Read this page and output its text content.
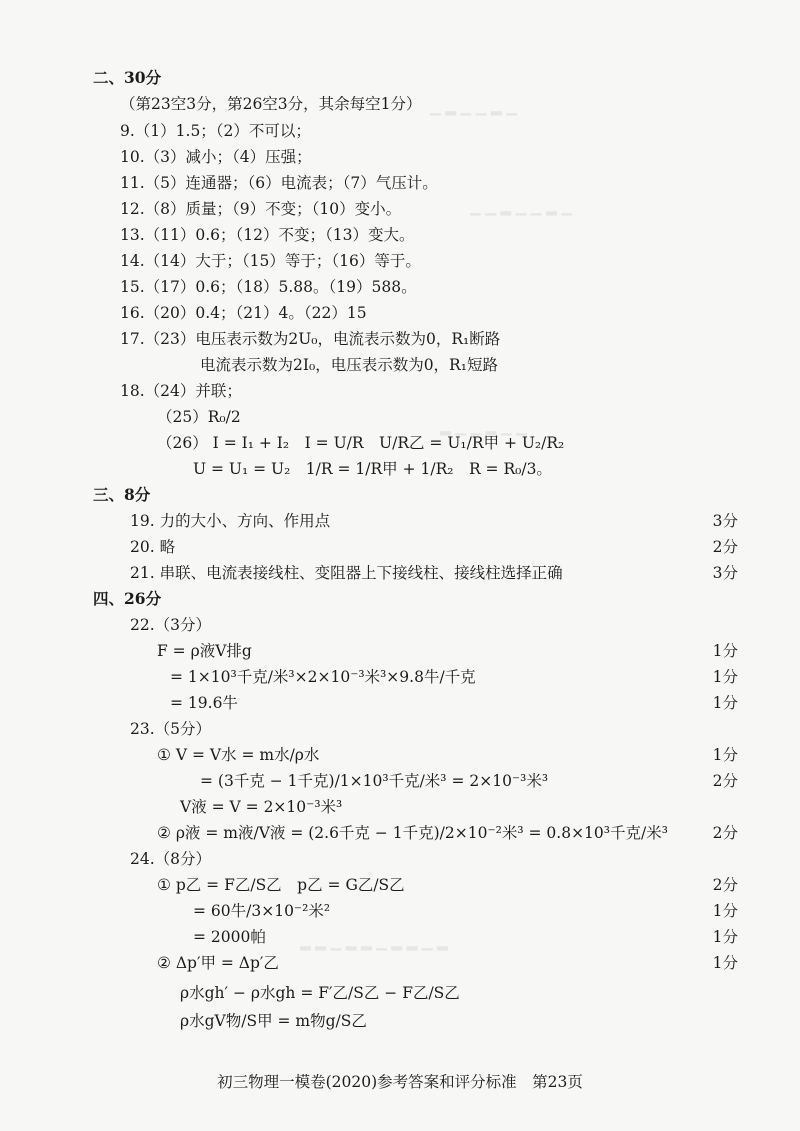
▁ ▂ ▁ ▁ ▂ ▁
▁ ▁ ▂ ▁ ▁ ▂ ▁
▂ ▁ ▁ ▂ ▁ ▁
▂ ▂ ▁ ▂ ▂ ▁ ▂ ▂ ▁ ▂
二、30分
（第23空3分，第26空3分，其余每空1分）
9.（1）1.5；（2）不可以；
10.（3）减小；（4）压强；
11.（5）连通器；（6）电流表；（7）气压计。
12.（8）质量；（9）不变；（10）变小。
13.（11）0.6；（12）不变；（13）变大。
14.（14）大于；（15）等于；（16）等于。
15.（17）0.6；（18）5.88。（19）588。
16.（20）0.4；（21）4。（22）15
17.（23）电压表示数为2U₀，电流表示数为0，R₁断路
电流表示数为2I₀，电压表示数为0，R₁短路
18.（24）并联；
（25）R₀/2
（26） I = I₁ + I₂　I = U/R　U/R乙 = U₁/R甲 + U₂/R₂
U = U₁ = U₂　1/R = 1/R甲 + 1/R₂　R = R₀/3。
三、8分
19. 力的大小、方向、作用点	3分
20. 略	2分
21. 串联、电流表接线柱、变阻器上下接线柱、接线柱选择正确	3分
四、26分
22.（3分）
F = ρ液V排g	1分
= 1×10³千克/米³×2×10⁻³米³×9.8牛/千克	1分
= 19.6牛	1分
23.（5分）
① V = V水 = m水/ρ水	1分
= (3千克 − 1千克)/1×10³千克/米³ = 2×10⁻³米³	2分
V液 = V = 2×10⁻³米³
② ρ液 = m液/V液 = (2.6千克 − 1千克)/2×10⁻²米³ = 0.8×10³千克/米³	2分
24.（8分）
① p乙 = F乙/S乙　p乙 = G乙/S乙	2分
= 60牛/3×10⁻²米²	1分
= 2000帕	1分
② Δp′甲 = Δp′乙	1分
ρ水gh′ − ρ水gh = F′乙/S乙 − F乙/S乙
ρ水gV物/S甲 = m物g/S乙
初三物理一模卷(2020)参考答案和评分标准　第23页
